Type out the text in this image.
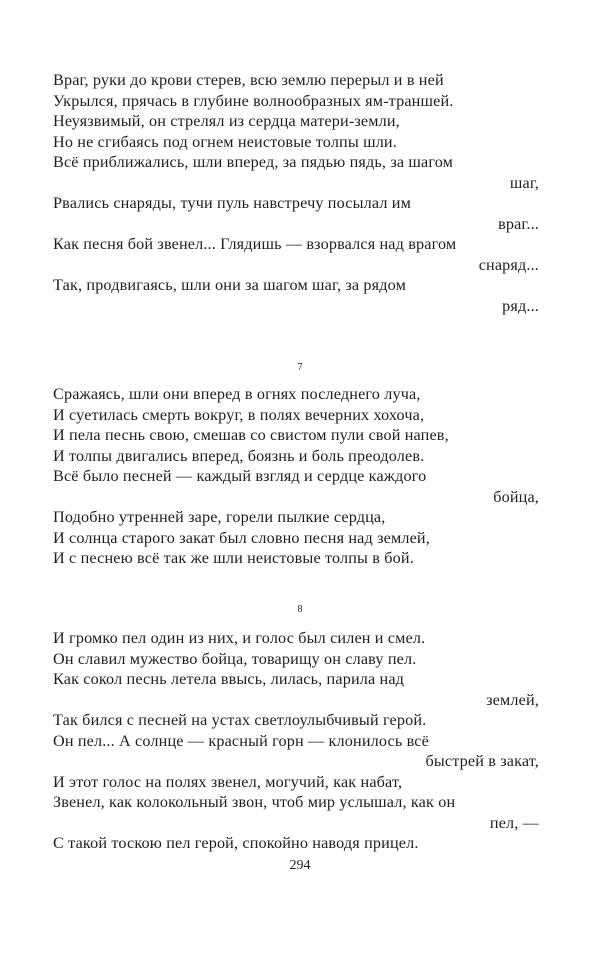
Враг, руки до крови стерев, всю землю перерыл и в ней
Укрылся, прячась в глубине волнообразных ям-траншей.
Неуязвимый, он стрелял из сердца матери-земли,
Но не сгибаясь под огнем неистовые толпы шли.
Всё приближались, шли вперед, за пядью пядь, за шагом
шаг,
Рвались снаряды, тучи пуль навстречу посылал им
враг...
Как песня бой звенел... Глядишь — взорвался над врагом
снаряд...
Так, продвигаясь, шли они за шагом шаг, за рядом
ряд...
7
Сражаясь, шли они вперед в огнях последнего луча,
И суетилась смерть вокруг, в полях вечерних хохоча,
И пела песнь свою, смешав со свистом пули свой напев,
И толпы двигались вперед, боязнь и боль преодолев.
Всё было песней — каждый взгляд и сердце каждого
бойца,
Подобно утренней заре, горели пылкие сердца,
И солнца старого закат был словно песня над землей,
И с песнею всё так же шли неистовые толпы в бой.
8
И громко пел один из них, и голос был силен и смел.
Он славил мужество бойца, товарищу он славу пел.
Как сокол песнь летела ввысь, лилась, парила над
землей,
Так бился с песней на устах светлоулыбчивый герой.
Он пел... А солнце — красный горн — клонилось всё
быстрей в закат,
И этот голос на полях звенел, могучий, как набат,
Звенел, как колокольный звон, чтоб мир услышал, как он
пел, —
С такой тоскою пел герой, спокойно наводя прицел.
294
